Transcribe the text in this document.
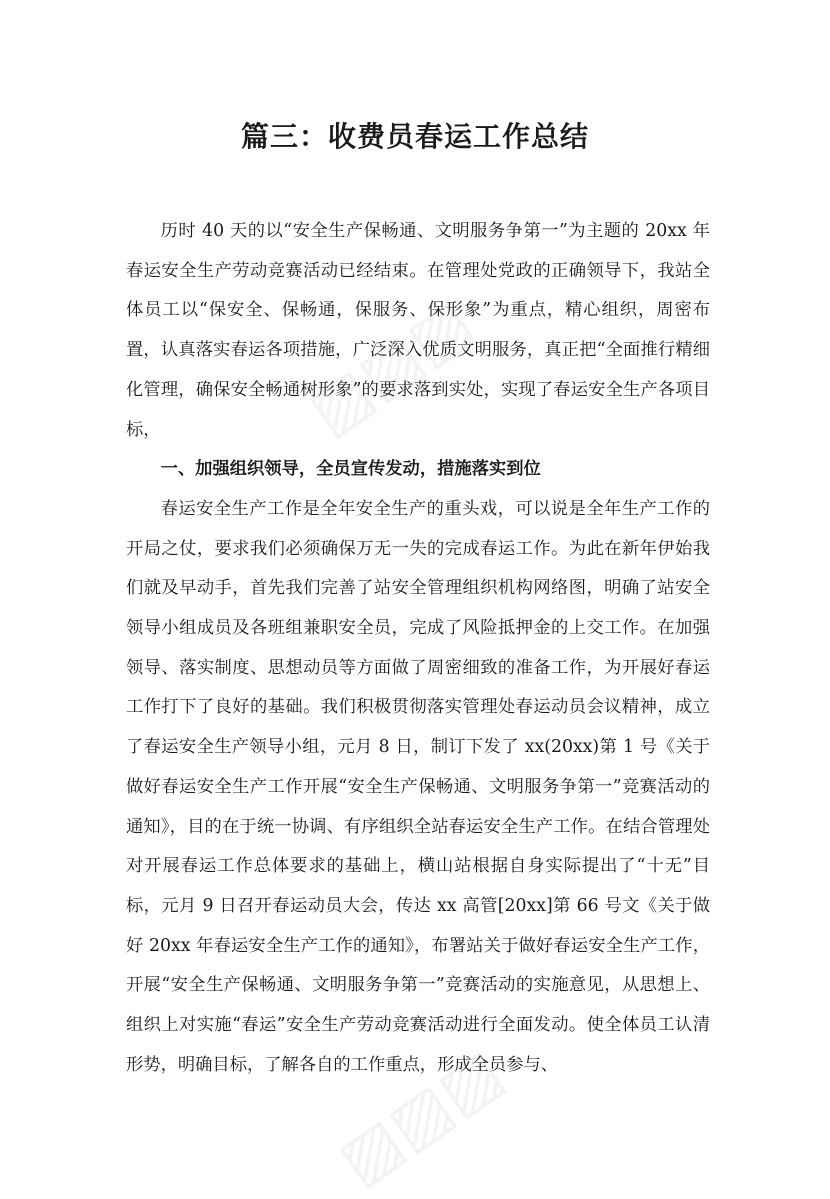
篇三：收费员春运工作总结

历时 40 天的以“安全生产保畅通、文明服务争第一”为主题的 20xx 年春运安全生产劳动竞赛活动已经结束。在管理处党政的正确领导下，我站全体员工以“保安全、保畅通，保服务、保形象”为重点，精心组织，周密布置，认真落实春运各项措施，广泛深入优质文明服务，真正把“全面推行精细化管理，确保安全畅通树形象”的要求落到实处，实现了春运安全生产各项目标，

一、加强组织领导，全员宣传发动，措施落实到位

春运安全生产工作是全年安全生产的重头戏，可以说是全年生产工作的开局之仗，要求我们必须确保万无一失的完成春运工作。为此在新年伊始我们就及早动手，首先我们完善了站安全管理组织机构网络图，明确了站安全领导小组成员及各班组兼职安全员，完成了风险抵押金的上交工作。在加强领导、落实制度、思想动员等方面做了周密细致的准备工作，为开展好春运工作打下了良好的基础。我们积极贯彻落实管理处春运动员会议精神，成立了春运安全生产领导小组，元月 8 日，制订下发了 xx(20xx)第 1 号《关于做好春运安全生产工作开展“安全生产保畅通、文明服务争第一”竞赛活动的通知》，目的在于统一协调、有序组织全站春运安全生产工作。在结合管理处对开展春运工作总体要求的基础上，横山站根据自身实际提出了“十无”目标，元月 9 日召开春运动员大会，传达 xx 高管[20xx]第 66 号文《关于做好 20xx 年春运安全生产工作的通知》，布署站关于做好春运安全生产工作，开展“安全生产保畅通、文明服务争第一”竞赛活动的实施意见，从思想上、组织上对实施“春运”安全生产劳动竞赛活动进行全面发动。使全体员工认清形势，明确目标，了解各自的工作重点，形成全员参与、
